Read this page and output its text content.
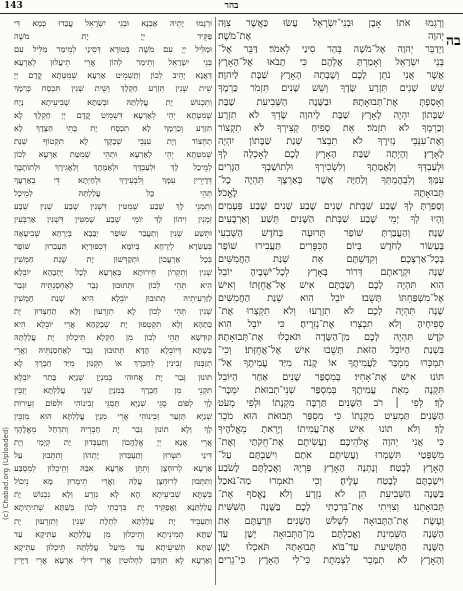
143	בהר
בה
וְרָגְמוּ אֹתוֹ אָבֶן וּבְנֵי־יִשְׂרָאֵל עָשׂוּ כַּאֲשֶׁר צִוָּה
יְהוָה אֶת־מֹשֶׁה׃
וַיְדַבֵּר יְהוָה אֶל־מֹשֶׁה בְּהַר סִינַי לֵאמֹר׃ דַּבֵּר אֶל־
בְּנֵי יִשְׂרָאֵל וְאָמַרְתָּ אֲלֵהֶם כִּי תָבֹאוּ אֶל־הָאָרֶץ
אֲשֶׁר אֲנִי נֹתֵן לָכֶם וְשָׁבְתָה הָאָרֶץ שַׁבָּת לַיהוָה׃
שֵׁשׁ שָׁנִים תִּזְרַע שָׂדֶךָ וְשֵׁשׁ שָׁנִים תִּזְמֹר כַּרְמֶךָ
וְאָסַפְתָּ אֶת־תְּבוּאָתָהּ׃ וּבַשָּׁנָה הַשְּׁבִיעִת שַׁבַּת
שַׁבָּתוֹן יִהְיֶה לָאָרֶץ שַׁבָּת לַיהוָה שָׂדְךָ לֹא תִזְרָע
וְכַרְמְךָ לֹא תִזְמֹר׃ אֵת סְפִיחַ קְצִירְךָ לֹא תִקְצוֹר
וְאֶת־עִנְּבֵי נְזִירֶךָ לֹא תִבְצֹר שְׁנַת שַׁבָּתוֹן יִהְיֶה
לָאָרֶץ׃ וְהָיְתָה שַׁבַּת הָאָרֶץ לָכֶם לְאָכְלָה לְךָ
וּלְעַבְדְּךָ וְלַאֲמָתֶךָ וְלִשְׂכִירְךָ וּלְתוֹשָׁבְךָ הַגָּרִים
עִמָּךְ׃ וְלִבְהֶמְתְּךָ וְלַחַיָּה אֲשֶׁר בְּאַרְצֶךָ תִּהְיֶה כָל־
תְּבוּאָתָהּ לֶאֱכֹל׃
וְסָפַרְתָּ לְךָ שֶׁבַע שַׁבְּתֹת שָׁנִים שֶׁבַע שָׁנִים שֶׁבַע פְּעָמִים
וְהָיוּ לְךָ יְמֵי שֶׁבַע שַׁבְּתֹת הַשָּׁנִים תֵּשַׁע וְאַרְבָּעִים
שָׁנָה׃ וְהַעֲבַרְתָּ שׁוֹפַר תְּרוּעָה בַּחֹדֶשׁ הַשְּׁבִעִי
בֶּעָשׂוֹר לַחֹדֶשׁ בְּיוֹם הַכִּפֻּרִים תַּעֲבִירוּ שׁוֹפָר
בְּכָל־אַרְצְכֶם׃ וְקִדַּשְׁתֶּם אֵת שְׁנַת הַחֲמִשִּׁים
שָׁנָה וּקְרָאתֶם דְּרוֹר בָּאָרֶץ לְכָל־יֹשְׁבֶיהָ יוֹבֵל
הִוא תִּהְיֶה לָכֶם וְשַׁבְתֶּם אִישׁ אֶל־אֲחֻזָּתוֹ וְאִישׁ
אֶל־מִשְׁפַּחְתּוֹ תָּשֻׁבוּ׃ יוֹבֵל הִוא שְׁנַת הַחֲמִשִּׁים
שָׁנָה תִּהְיֶה לָכֶם לֹא תִזְרָעוּ וְלֹא תִקְצְרוּ אֶת־
סְפִיחֶיהָ וְלֹא תִבְצְרוּ אֶת־נְזִרֶיהָ׃ כִּי יוֹבֵל הִוא
קֹדֶשׁ תִּהְיֶה לָכֶם מִן־הַשָּׂדֶה תֹּאכְלוּ אֶת־תְּבוּאָתָהּ׃
בִּשְׁנַת הַיּוֹבֵל הַזֹּאת תָּשֻׁבוּ אִישׁ אֶל־אֲחֻזָּתוֹ׃ וְכִי־
תִמְכְּרוּ מִמְכָּר לַעֲמִיתֶךָ אוֹ קָנֹה מִיַּד עֲמִיתֶךָ אַל־
תּוֹנוּ אִישׁ אֶת־אָחִיו׃ בְּמִסְפַּר שָׁנִים אַחַר הַיּוֹבֵל
תִּקְנֶה מֵאֵת עֲמִיתֶךָ בְּמִסְפַּר שְׁנֵי־תְבוּאֹת יִמְכָּר־
לָךְ׃ לְפִי ׀ רֹב הַשָּׁנִים תַּרְבֶּה מִקְנָתוֹ וּלְפִי מְעֹט
הַשָּׁנִים תַּמְעִיט מִקְנָתוֹ כִּי מִסְפַּר תְּבוּאֹת הוּא מֹכֵר
לָךְ׃ וְלֹא תוֹנוּ אִישׁ אֶת־עֲמִיתוֹ וְיָרֵאתָ מֵאֱלֹהֶיךָ
כִּי אֲנִי יְהוָה אֱלֹהֵיכֶם׃ וַעֲשִׂיתֶם אֶת־חֻקֹּתַי וְאֶת־
מִשְׁפָּטַי תִּשְׁמְרוּ וַעֲשִׂיתֶם אֹתָם וִישַׁבְתֶּם עַל־
הָאָרֶץ לָבֶטַח׃ וְנָתְנָה הָאָרֶץ פִּרְיָהּ וַאֲכַלְתֶּם לָשֹׂבַע
וִישַׁבְתֶּם לָבֶטַח עָלֶיהָ׃ וְכִי תֹאמְרוּ מַה־נֹּאכַל
בַּשָּׁנָה הַשְּׁבִיעִת הֵן לֹא נִזְרָע וְלֹא נֶאֱסֹף אֶת־
תְּבוּאָתֵנוּ׃ וְצִוִּיתִי אֶת־בִּרְכָתִי לָכֶם בַּשָּׁנָה הַשִּׁשִּׁית
וְעָשָׂת אֶת־הַתְּבוּאָה לִשְׁלֹשׁ הַשָּׁנִים׃ וּזְרַעְתֶּם אֵת
הַשָּׁנָה הַשְּׁמִינִת וַאֲכַלְתֶּם מִן־הַתְּבוּאָה יָשָׁן עַד
הַשָּׁנָה הַתְּשִׁיעִת עַד־בּוֹא תְּבוּאָתָהּ תֹּאכְלוּ יָשָׁן׃
וְהָאָרֶץ לֹא תִמָּכֵר לִצְמִתֻת כִּי־לִי הָאָרֶץ כִּי־גֵרִים
וּרְגָמוּ יָתֵיהּ אַבְנָא וּבְנֵי יִשְׂרָאֵל עֲבַדוּ כְּמָא דִּי
פַּקֵּיד יְיָ יָת מֹשֶׁה
וּמַלֵּיל יְיָ עִם מֹשֶׁה בְּטוּרָא דְּסִינַי לְמֵימַר מַלֵּיל עִם
בְּנֵי יִשְׂרָאֵל וְתֵימַר לְהוֹן אֲרֵי תֵיעֲלוּן לְאַרְעָא
דַּאֲנָא יָהֵיב לְכוֹן וְתַשְׁמֵיט אַרְעָא שְׁמִטְּתָא קֳדָם יְיָ
שֵׁית שְׁנִין תִּזְרַע חַקְלָךְ וְשֵׁית שְׁנִין תִּכְסַח כַּרְמָךְ
וְתִכְנוֹשׁ יָת עֲלַלְתַּהּ וּבְשַׁתָּא שְׁבִיעֵיתָא נְיָח
שְׁמִטְּתָא יְהֵי לְאַרְעָא דִּשְׁמֵיט קֳדָם יְיָ חַקְלָךְ לָא
תִזְרַע וְכַרְמָךְ לָא תִכְסָח יָת כָּתֵי חַצָּדָךְ לָא
תַחְצוֹד וְיָת עִנְּבֵי שְׁבָקָךְ לָא תִקְטוֹף שְׁנַת
שְׁמִטְּתָא יְהֵי לְאַרְעָא וּתְהֵי שְׁמִטַּת אַרְעָא לְכוֹן
לְמֵיכַל לָךְ וּלְעַבְדָּךְ וּלְאַמְתָךְ וְלַאֲגִירָךְ וּלְתוֹתָבָךְ
דְּדָיְרִין עִמָּךְ וְלִבְעִירָךְ וּלְחַיְתָא דִּי בְאַרְעָךְ
תְּהֵי כָּל עֲלַלְתַּהּ לְמֵיכָל
וְתִמְנֵי לָךְ שְׁבַע שְׁמִטִּין דִּשְׁנִין שְׁבַע שְׁנִין שְׁבַע
זִמְנִין וִיהוֹן לָךְ יוֹמֵי שְׁבַע שְׁמִטִּין דִּשְׁנִין אַרְבְּעִין
וּתְשַׁע שְׁנִין וְתַעֲבַר שׁוֹפַר יַבָּבָא בְּיַרְחָא שְׁבִיעָאָה
בְּעַשְׂרָא לְיַרְחָא בְּיוֹמָא דְּכִפּוּרַיָּא תַּעַבְרוּן שׁוֹפָר
בְּכָל אַרְעֲכוֹן וּתְקַדְּשׁוּן יָת שְׁנַת חַמְשִׁין
שְׁנִין וְתִקְרוֹן חֵירוּתָא בְּאַרְעָא לְכָל יָתְבָהָא יוֹבֵלָא
הִיא תְּהֵי לְכוֹן וּתְתוּבוּן גְּבַר לְאַחְסַנְתֵּיהּ וּגְבַר
לְזַרְעִיתֵיהּ תְּתוּבוּן יוֹבֵלָא הִיא שְׁנַת חַמְשִׁין
שְׁנִין תְּהֵי לְכוֹן לָא תִזְרְעוּן וְלָא תַחְצְדוּן יָת
כַּתַּהָא וְלָא תִקְטְפוּן יָת שְׁבָקַהָא אֲרֵי יוֹבֵלָא הִיא
קוּדְשָׁא תְּהֵי לְכוֹן מִן חַקְלָא תֵּיכְלוּן יָת עֲלַלְתַּהּ
בְּשַׁתָּא דְּיוֹבֵלָא הָדָא תְּתוּבוּן גְּבַר לְאַחְסַנְתֵּיהּ וַאֲרֵי
תְזַבְּנוּן זְבִינִין לְחַבְרָךְ אוֹ תִקְנוּן מִיַּד חַבְרָךְ לָא
תּוֹנוּן גְּבַר יָת אֲחוּהִי בְּמִנְיַן שְׁנַיָּא בָּתַר יוֹבֵלָא
תִּקְנֵי מִן חַבְרָךְ בְּמִנְיַן שְׁנֵי עֲלַלְתָּא יְזַבֵּין
לָךְ לְפוֹם סְגֵי שְׁנַיָּא תַּסְגֵּי זְבִינוֹהִי וּלְפוֹם זְעֵירוּת
שְׁנַיָּא תַּזְעַר זְבִינוֹהִי אֲרֵי מִנְיַן עֲלַלְתָּא הוּא מְזַבֵּין
לָךְ וְלָא תוֹנוּן גְּבַר יָת חַבְרֵיהּ וְתִדְחַל מֵאֱלָהָךְ
אֲרֵי אֲנָא יְיָ אֱלָהֲכוֹן וְתַעְבְּדוּן יָת קְיָמַי וְיָת
דִּינַי תִּטְּרוּן וְתַעְבְּדוּן יָתְהוֹן וְתִתְּבוּן עַל
אַרְעָא לְרוּחְצָן וְתִתֵּן אַרְעָא אִבַּהּ וְתֵיכְלוּן לְמִסְבַּע
וְתִתְּבוּן לְרוּחְצָן עֲלַהּ וַאֲרֵי תֵימְרוּן מָא נֵיכוֹל
בְּשַׁתָּא שְׁבִיעֵיתָא הָא לָא נִזְרַע וְלָא נִכְנוֹשׁ יָת
עֲלַלְתַּנָא וַאֲפַקֵּיד יָת בִּרְכְתִי לְכוֹן בְּשַׁתָּא שְׁתִיתֵיתָא
וְתַעְבֵּיד יָת עֲלַלְתָּא לִתְלָת שְׁנִין וְתִזְרְעוּן יָת
שַׁתָּא תְּמִינֵיתָא וְתֵיכְלוּן מִן עֲלַלְתָּא עַתִּיקָא עַד
שַׁתָּא תְּשִׁיעֵיתָא עַד מֵיעַל עֲלַלְתַּהּ תֵּיכְלוּן עַתִּיקָא
וְאַרְעָא לָא תִזְדַּבַּן לַחְלוּטִין אֲרֵי דִּילִי אַרְעָא אֲרֵי דַּיָּרִין
(c) Chabad.org (Uploaded)
